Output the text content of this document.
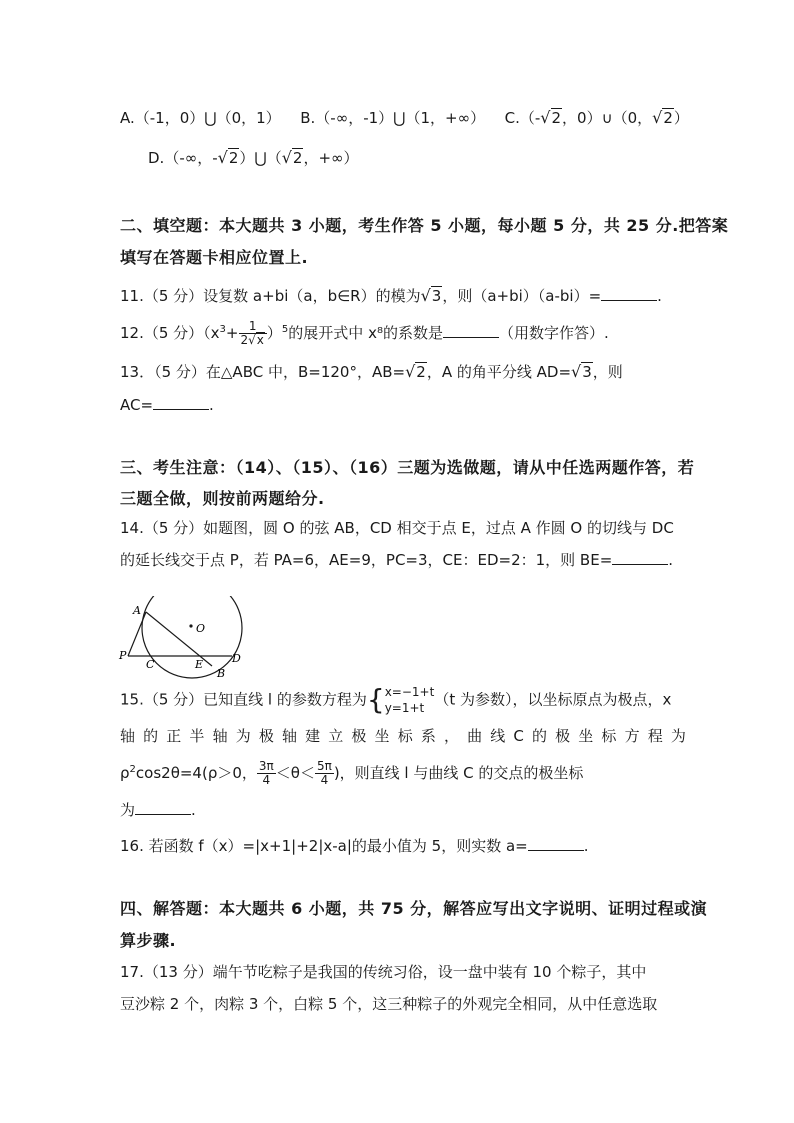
A.（-1，0）⋃（0，1） B.（-∞，-1）⋃（1，+∞） C.（-√2，0）∪（0，√2）
D.（-∞，-√2）⋃（√2，+∞）
二、填空题：本大题共 3 小题，考生作答 5 小题，每小题 5 分，共 25 分.把答案
填写在答题卡相应位置上.
11.（5 分）设复数 a+bi（a，b∈R）的模为√3，则（a+bi）（a-bi）=	.
12.（5 分）$(x^3+ \frac{1}{2√x} )^5$的展开式中 x⁸的系数是	（用数字作答）.
13．（5 分）在△ABC 中，B=120°，AB=√2，A 的角平分线 AD=√3，则
AC=	.
三、考生注意：（14）、（15）、（16）三题为选做题，请从中任选两题作答，若
三题全做，则按前两题给分.
14.（5 分）如题图，圆 O 的弦 AB，CD 相交于点 E，过点 A 作圆 O 的切线与 DC
的延长线交于点 P，若 PA=6，AE=9，PC=3，CE：ED=2：1，则 BE=	.
A
O
P
C	E	D
B
15.（5 分）已知直线 l 的参数方程为{ x=−1+t
y=1+t （t 为参数），以坐标原点为极点，x
轴 的 正 半 轴 为 极 轴 建 立 极 坐 标 系 ， 曲 线 C 的 极 坐 标 方 程 为
$\rho^2\cos 2\theta=4(\rho>0$， $\frac{3\pi}{4} <\theta< \frac{5\pi}{4}$ )，则直线 l 与曲线 C 的交点的极坐标
为	.
16. 若函数 f（x）=|x+1|+2|x-a|的最小值为 5，则实数 a=	.
四、解答题：本大题共 6 小题，共 75 分，解答应写出文字说明、证明过程或演
算步骤.
17.（13 分）端午节吃粽子是我国的传统习俗，设一盘中装有 10 个粽子，其中
豆沙粽 2 个，肉粽 3 个，白粽 5 个，这三种粽子的外观完全相同，从中任意选取
